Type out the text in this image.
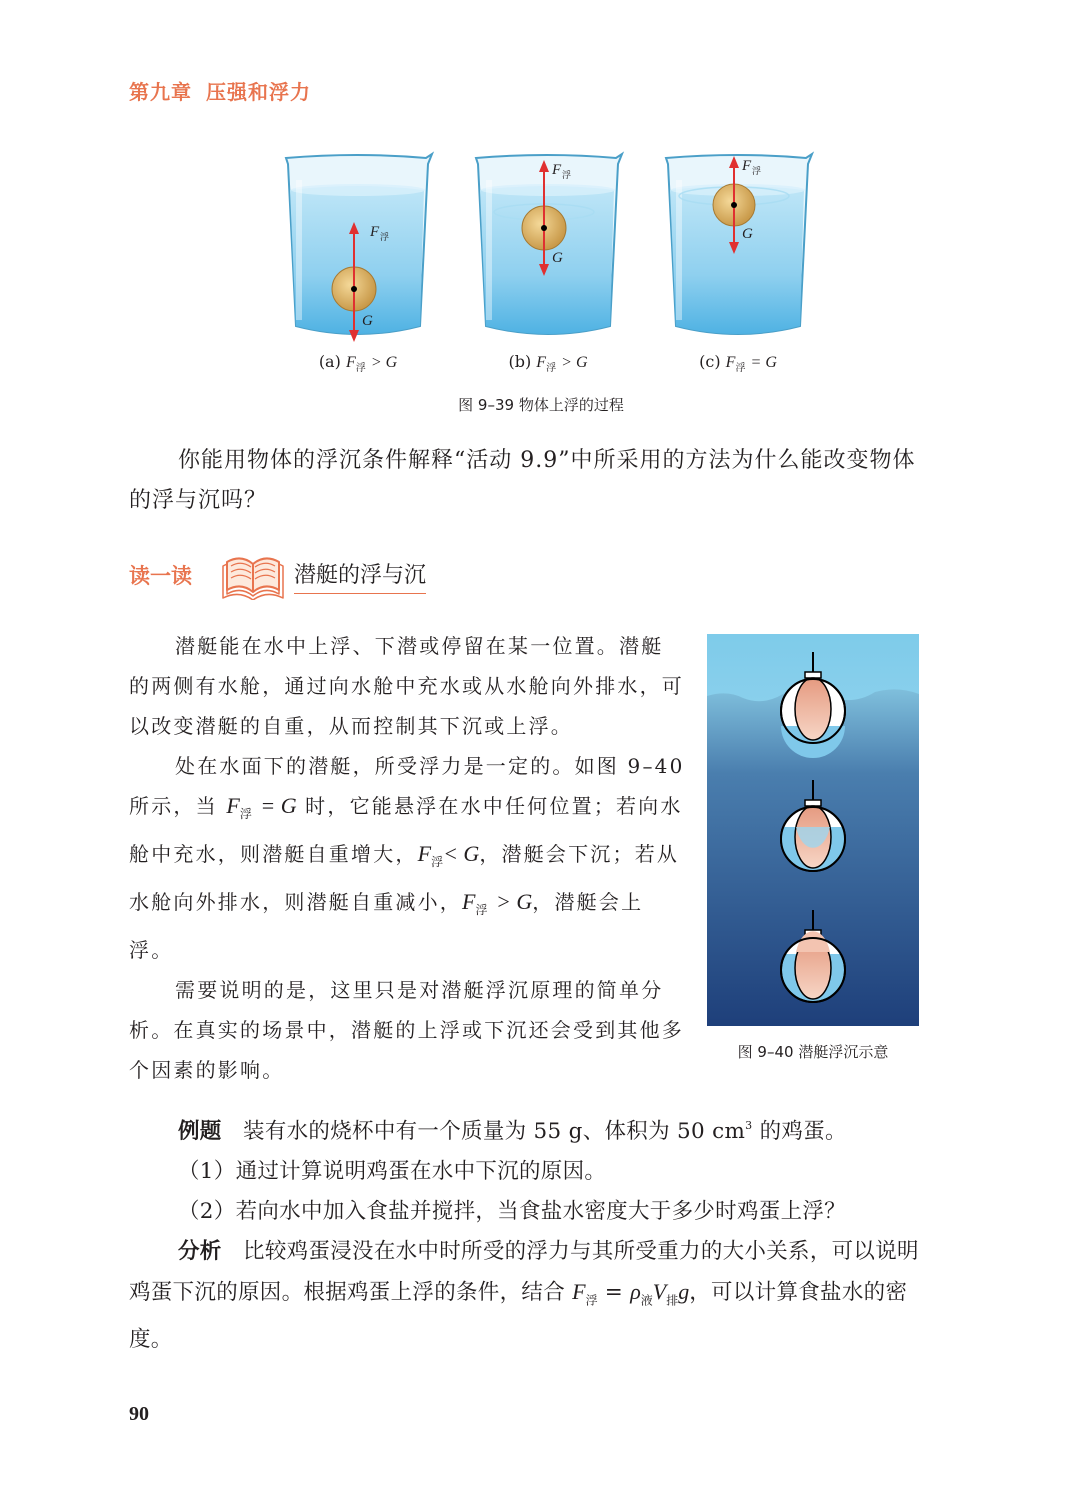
第九章 压强和浮力
F 浮
G
F 浮
G
F 浮
G
(a) $F_浮 > G$	(b) $F_浮 > G$	(c) $F_浮 = G$
图 9–39 物体上浮的过程
你能用物体的浮沉条件解释“活动 9.9”中所采用的方法为什么能改变物体的浮与沉吗？
读一读	潜艇的浮与沉

潜艇能在水中上浮、下潜或停留在某一位置。潜艇的两侧有水舱，通过向水舱中充水或从水舱向外排水，可以改变潜艇的自重，从而控制其下沉或上浮。

处在水面下的潜艇，所受浮力是一定的。如图 9–40 所示，当 $F_浮 = G$ 时，它能悬浮在水中任何位置；若向水舱中充水，则潜艇自重增大，$F_浮< G$，潜艇会下沉；若从水舱向外排水，则潜艇自重减小，$F_浮 > G$，潜艇会上浮。

需要说明的是，这里只是对潜艇浮沉原理的简单分析。在真实的场景中，潜艇的上浮或下沉还会受到其他多个因素的影响。

图 9–40 潜艇浮沉示意

例题 装有水的烧杯中有一个质量为 55 g、体积为 50 $cm^3$ 的鸡蛋。

（1）通过计算说明鸡蛋在水中下沉的原因。

（2）若向水中加入食盐并搅拌，当食盐水密度大于多少时鸡蛋上浮？

分析 比较鸡蛋浸没在水中时所受的浮力与其所受重力的大小关系，可以说明鸡蛋下沉的原因。根据鸡蛋上浮的条件，结合 $F_浮 = \rho_液V_排g$，可以计算食盐水的密度。

90
